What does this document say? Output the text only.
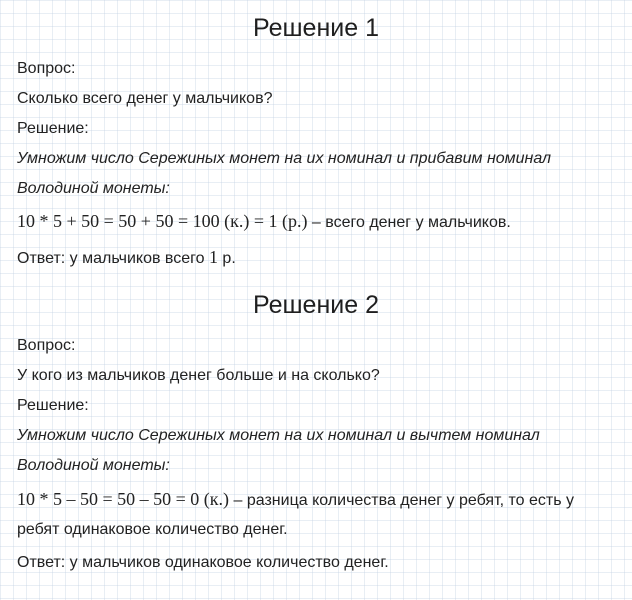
Решение 1
Вопрос:
Сколько всего денег у мальчиков?
Решение:
Умножим число Сережиных монет на их номинал и прибавим номинал
Володиной монеты:
10 * 5 + 50 = 50 + 50 = 100 (к.) = 1 (р.) – всего денег у мальчиков.
Ответ: у мальчиков всего 1 р.
Решение 2
Вопрос:
У кого из мальчиков денег больше и на сколько?
Решение:
Умножим число Сережиных монет на их номинал и вычтем номинал
Володиной монеты:
10 * 5 – 50 = 50 – 50 = 0 (к.) – разница количества денег у ребят, то есть у
ребят одинаковое количество денег.
Ответ: у мальчиков одинаковое количество денег.
